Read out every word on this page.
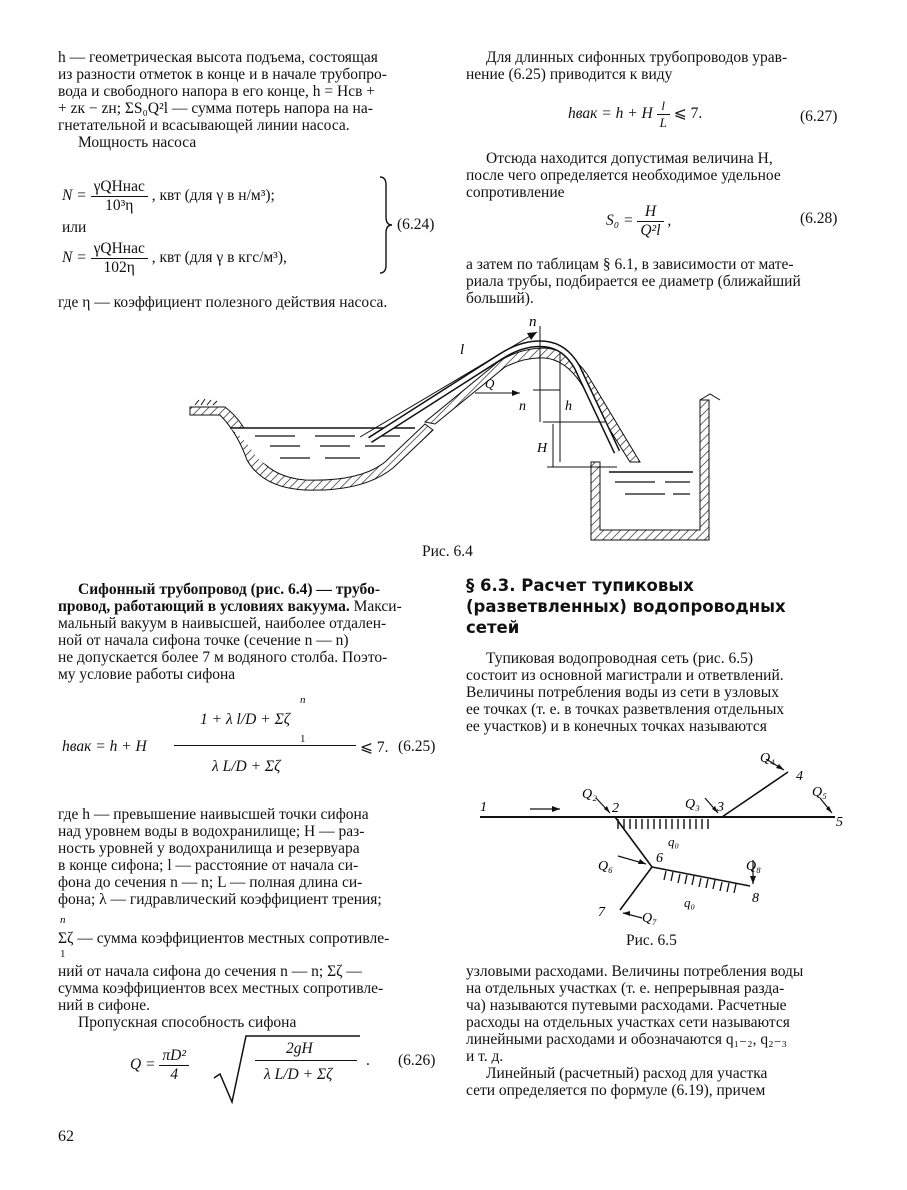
h — геометрическая высота подъема, состоящая
из разности отметок в конце и в начале трубопро-
вода и свободного напора в его конце, h = Hсв +
+ zк − zн; ΣS₀Q²l — сумма потерь напора на на-
гнетательной и всасывающей линии насоса.
Мощность насоса
$N = \frac{\text{γQHнас}}{\text{10³η}}$ , квт (для γ в н/м³);
или
$N = \frac{\text{γQHнас}}{102\eta}$ , квт (для γ в кгс/м³),
(6.24)
где η — коэффициент полезного действия насоса.
Для длинных сифонных трубопроводов урав-
нение (6.25) приводится к виду
hвак = h + H $\frac{l}{L}$ ⩽ 7.	(6.27)
Отсюда находится допустимая величина H,
после чего определяется необходимое удельное
сопротивление
$S_0 = \frac{H}{\text{Q²l}}$ ,	(6.28)
а затем по таблицам § 6.1, в зависимости от мате-
риала трубы, подбирается ее диаметр (ближайший
больший).
n
l
Q
n	h
H
Рис. 6.4
Сифонный трубопровод (рис. 6.4) — трубо-
провод, работающий в условиях вакуума. Макси-
мальный вакуум в наивысшей, наиболее отдален-
ной от начала сифона точке (сечение n — n)
не допускается более 7 м водяного столба. Поэто-
му условие работы сифона
hвак = h + H
1 + λ l/D + Σζ
n
1
λ L/D + Σζ
⩽ 7. (6.25)
где h — превышение наивысшей точки сифона
над уровнем воды в водохранилище; H — раз-
ность уровней у водохранилища и резервуара
в конце сифона; l — расстояние от начала си-
фона до сечения n — n; L — полная длина си-
фона; λ — гидравлический коэффициент трения;
n
Σζ — сумма коэффициентов местных сопротивле-
1
ний от начала сифона до сечения n — n; Σζ —
сумма коэффициентов всех местных сопротивле-
ний в сифоне.
Пропускная способность сифона
$Q = \frac{\text{πD²}}{4}$	2gH
λ L/D + Σζ
. (6.26)
62
§ 6.3. Расчет тупиковых
(разветвленных) водопроводных
сетей
Тупиковая водопроводная сеть (рис. 6.5)
состоит из основной магистрали и ответвлений.
Величины потребления воды из сети в узловых
ее точках (т. е. в точках разветвления отдельных
ее участков) и в конечных точках называются
1	2	3
4
5
6
7
8
Q₂
Q₃
Q₄
Q₅
Q₆
Q₇
Q₈
q₀
q₀
Рис. 6.5
узловыми расходами. Величины потребления воды
на отдельных участках (т. е. непрерывная разда-
ча) называются путевыми расходами. Расчетные
расходы на отдельных участках сети называются
линейными расходами и обозначаются q₁₋₂, q₂₋₃
и т. д.
Линейный (расчетный) расход для участка
сети определяется по формуле (6.19), причем
